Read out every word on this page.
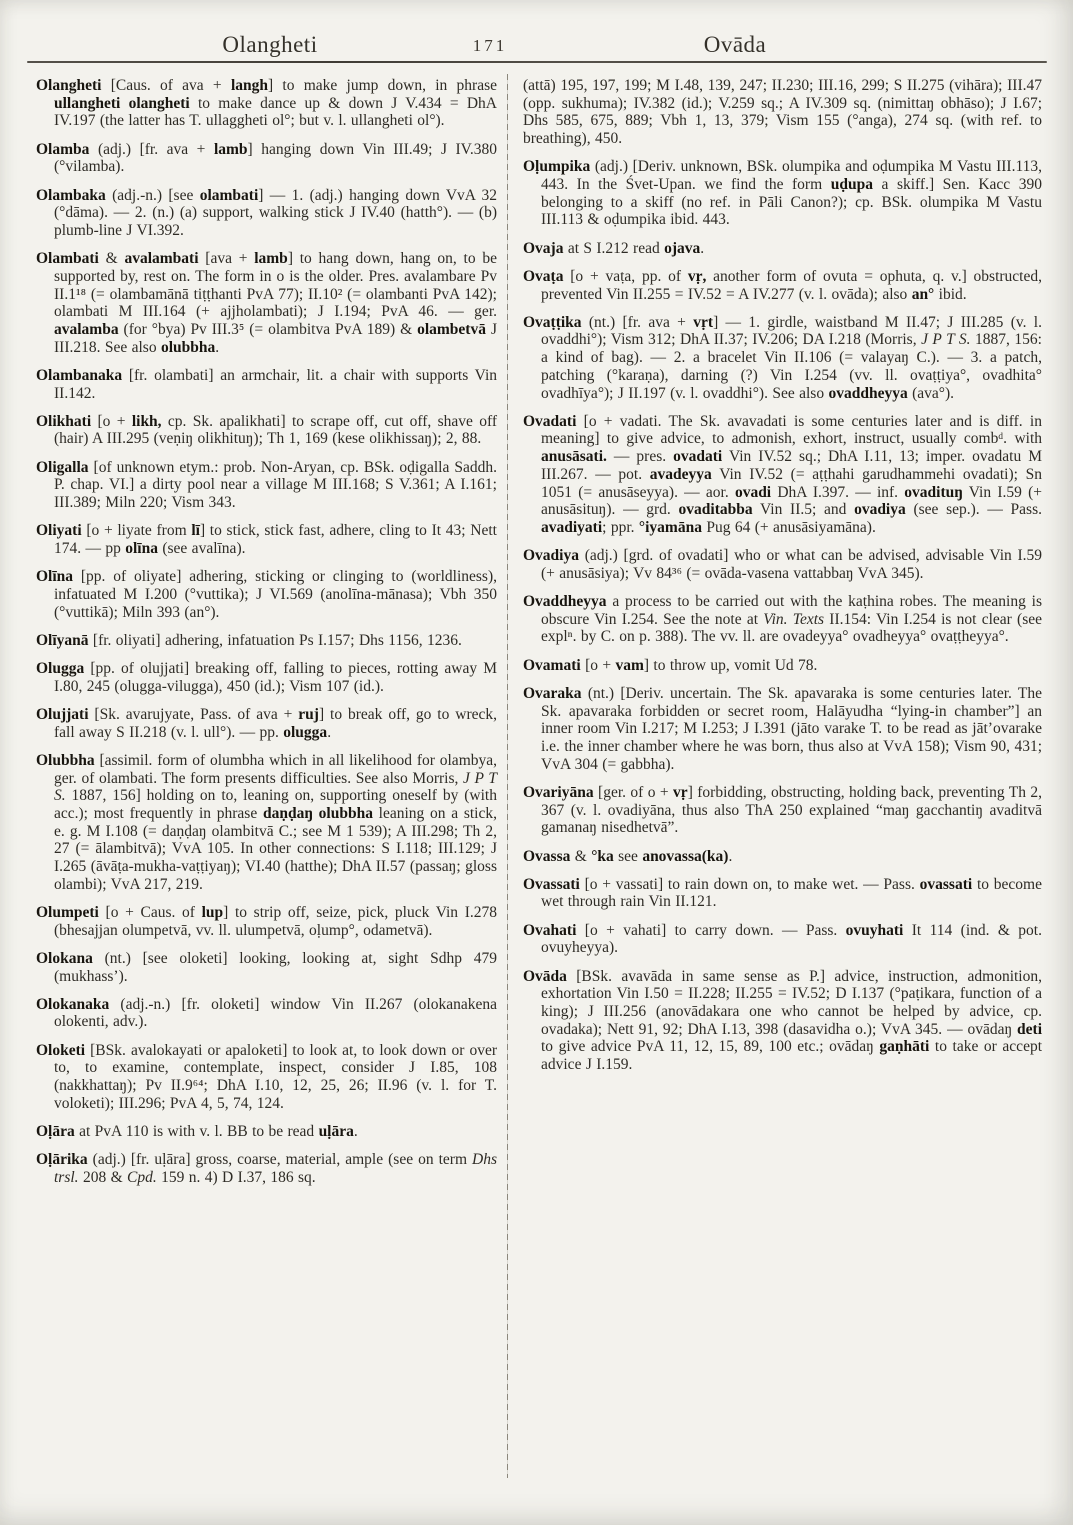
Olangheti	171	Ovāda

Olangheti [Caus. of ava + langh] to make jump down, in phrase ullangheti olangheti to make dance up & down J V.434 = DhA IV.197 (the latter has T. ullaggheti ol°; but v. l. ullangheti ol°).

Olamba (adj.) [fr. ava + lamb] hanging down Vin III.49; J IV.380 (°vilamba).

Olambaka (adj.-n.) [see olambati] — 1. (adj.) hanging down VvA 32 (°dāma). — 2. (n.) (a) support, walking stick J IV.40 (hatth°). — (b) plumb-line J VI.392.

Olambati & avalambati [ava + lamb] to hang down, hang on, to be supported by, rest on. The form in o is the older. Pres. avalambare Pv II.1¹⁸ (= olambamānā tiṭṭhanti PvA 77); II.10² (= olambanti PvA 142); olambati M III.164 (+ ajjholambati); J I.194; PvA 46. — ger. avalamba (for °bya) Pv III.3⁵ (= olambitva PvA 189) & olambetvā J III.218. See also olubbha.

Olambanaka [fr. olambati] an armchair, lit. a chair with supports Vin II.142.

Olikhati [o + likh, cp. Sk. apalikhati] to scrape off, cut off, shave off (hair) A III.295 (veṇiŋ olikhituŋ); Th 1, 169 (kese olikhissaŋ); 2, 88.

Oligalla [of unknown etym.: prob. Non-Aryan, cp. BSk. oḍigalla Saddh. P. chap. VI.] a dirty pool near a village M III.168; S V.361; A I.161; III.389; Miln 220; Vism 343.

Oliyati [o + liyate from lī] to stick, stick fast, adhere, cling to It 43; Nett 174. — pp olīna (see avalīna).

Olīna [pp. of oliyate] adhering, sticking or clinging to (worldliness), infatuated M I.200 (°vuttika); J VI.569 (anolīna-mānasa); Vbh 350 (°vuttikā); Miln 393 (an°).

Olīyanā [fr. oliyati] adhering, infatuation Ps I.157; Dhs 1156, 1236.

Olugga [pp. of olujjati] breaking off, falling to pieces, rotting away M I.80, 245 (olugga-vilugga), 450 (id.); Vism 107 (id.).

Olujjati [Sk. avarujyate, Pass. of ava + ruj] to break off, go to wreck, fall away S II.218 (v. l. ull°). — pp. olugga.

Olubbha [assimil. form of olumbha which in all likelihood for olambya, ger. of olambati. The form presents difficulties. See also Morris, J P T S. 1887, 156] holding on to, leaning on, supporting oneself by (with acc.); most frequently in phrase daṇḍaŋ olubbha leaning on a stick, e. g. M I.108 (= daṇḍaŋ olambitvā C.; see M 1 539); A III.298; Th 2, 27 (= ālambitvā); VvA 105. In other connections: S I.118; III.129; J I.265 (āvāṭa-mukha-vaṭṭiyaŋ); VI.40 (hatthe); DhA II.57 (passaŋ; gloss olambi); VvA 217, 219.

Olumpeti [o + Caus. of lup] to strip off, seize, pick, pluck Vin I.278 (bhesajjan olumpetvā, vv. ll. ulumpetvā, oḷump°, odametvā).

Olokana (nt.) [see oloketi] looking, looking at, sight Sdhp 479 (mukhass’).

Olokanaka (adj.-n.) [fr. oloketi] window Vin II.267 (olokanakena olokenti, adv.).

Oloketi [BSk. avalokayati or apaloketi] to look at, to look down or over to, to examine, contemplate, inspect, consider J I.85, 108 (nakkhattaŋ); Pv II.9⁶⁴; DhA I.10, 12, 25, 26; II.96 (v. l. for T. voloketi); III.296; PvA 4, 5, 74, 124.

Oḷāra at PvA 110 is with v. l. BB to be read uḷāra.

Oḷārika (adj.) [fr. uḷāra] gross, coarse, material, ample (see on term Dhs trsl. 208 & Cpd. 159 n. 4) D I.37, 186 sq.

(attā) 195, 197, 199; M I.48, 139, 247; II.230; III.16, 299; S II.275 (vihāra); III.47 (opp. sukhuma); IV.382 (id.); V.259 sq.; A IV.309 sq. (nimittaŋ obhāso); J I.67; Dhs 585, 675, 889; Vbh 1, 13, 379; Vism 155 (°anga), 274 sq. (with ref. to breathing), 450.

Oḷumpika (adj.) [Deriv. unknown, BSk. olumpika and oḍumpika M Vastu III.113, 443. In the Śvet-Upan. we find the form uḍupa a skiff.] Sen. Kacc 390 belonging to a skiff (no ref. in Pāli Canon?); cp. BSk. olumpika M Vastu III.113 & oḍumpika ibid. 443.

Ovaja at S I.212 read ojava.

Ovaṭa [o + vaṭa, pp. of vṛ, another form of ovuta = ophuta, q. v.] obstructed, prevented Vin II.255 = IV.52 = A IV.277 (v. l. ovāda); also an° ibid.

Ovaṭṭika (nt.) [fr. ava + vṛt] — 1. girdle, waistband M II.47; J III.285 (v. l. ovaddhi°); Vism 312; DhA II.37; IV.206; DA I.218 (Morris, J P T S. 1887, 156: a kind of bag). — 2. a bracelet Vin II.106 (= valayaŋ C.). — 3. a patch, patching (°karaṇa), darning (?) Vin I.254 (vv. ll. ovaṭṭiya°, ovadhita° ovadhīya°); J II.197 (v. l. ovaddhi°). See also ovaddheyya (ava°).

Ovadati [o + vadati. The Sk. avavadati is some centuries later and is diff. in meaning] to give advice, to admonish, exhort, instruct, usually combᵈ. with anusāsati. — pres. ovadati Vin IV.52 sq.; DhA I.11, 13; imper. ovadatu M III.267. — pot. avadeyya Vin IV.52 (= aṭṭhahi garudhammehi ovadati); Sn 1051 (= anusāseyya). — aor. ovadi DhA I.397. — inf. ovadituŋ Vin I.59 (+ anusāsituŋ). — grd. ovaditabba Vin II.5; and ovadiya (see sep.). — Pass. avadiyati; ppr. °iyamāna Pug 64 (+ anusāsiyamāna).

Ovadiya (adj.) [grd. of ovadati] who or what can be advised, advisable Vin I.59 (+ anusāsiya); Vv 84³⁶ (= ovāda-vasena vattabbaŋ VvA 345).

Ovaddheyya a process to be carried out with the kaṭhina robes. The meaning is obscure Vin I.254. See the note at Vin. Texts II.154: Vin I.254 is not clear (see explⁿ. by C. on p. 388). The vv. ll. are ovadeyya° ovadheyya° ovaṭṭheyya°.

Ovamati [o + vam] to throw up, vomit Ud 78.

Ovaraka (nt.) [Deriv. uncertain. The Sk. apavaraka is some centuries later. The Sk. apavaraka forbidden or secret room, Halāyudha “lying-in chamber”] an inner room Vin I.217; M I.253; J I.391 (jāto varake T. to be read as jāt’ovarake i.e. the inner chamber where he was born, thus also at VvA 158); Vism 90, 431; VvA 304 (= gabbha).

Ovariyāna [ger. of o + vṛ] forbidding, obstructing, holding back, preventing Th 2, 367 (v. l. ovadiyāna, thus also ThA 250 explained “maŋ gacchantiŋ avaditvā gamanaŋ nisedhetvā”.

Ovassa & °ka see anovassa(ka).

Ovassati [o + vassati] to rain down on, to make wet. — Pass. ovassati to become wet through rain Vin II.121.

Ovahati [o + vahati] to carry down. — Pass. ovuyhati It 114 (ind. & pot. ovuyheyya).

Ovāda [BSk. avavāda in same sense as P.] advice, instruction, admonition, exhortation Vin I.50 = II.228; II.255 = IV.52; D I.137 (°paṭikara, function of a king); J III.256 (anovādakara one who cannot be helped by advice, cp. ovadaka); Nett 91, 92; DhA I.13, 398 (dasavidha o.); VvA 345. — ovādaŋ deti to give advice PvA 11, 12, 15, 89, 100 etc.; ovādaŋ gaṇhāti to take or accept advice J I.159.
